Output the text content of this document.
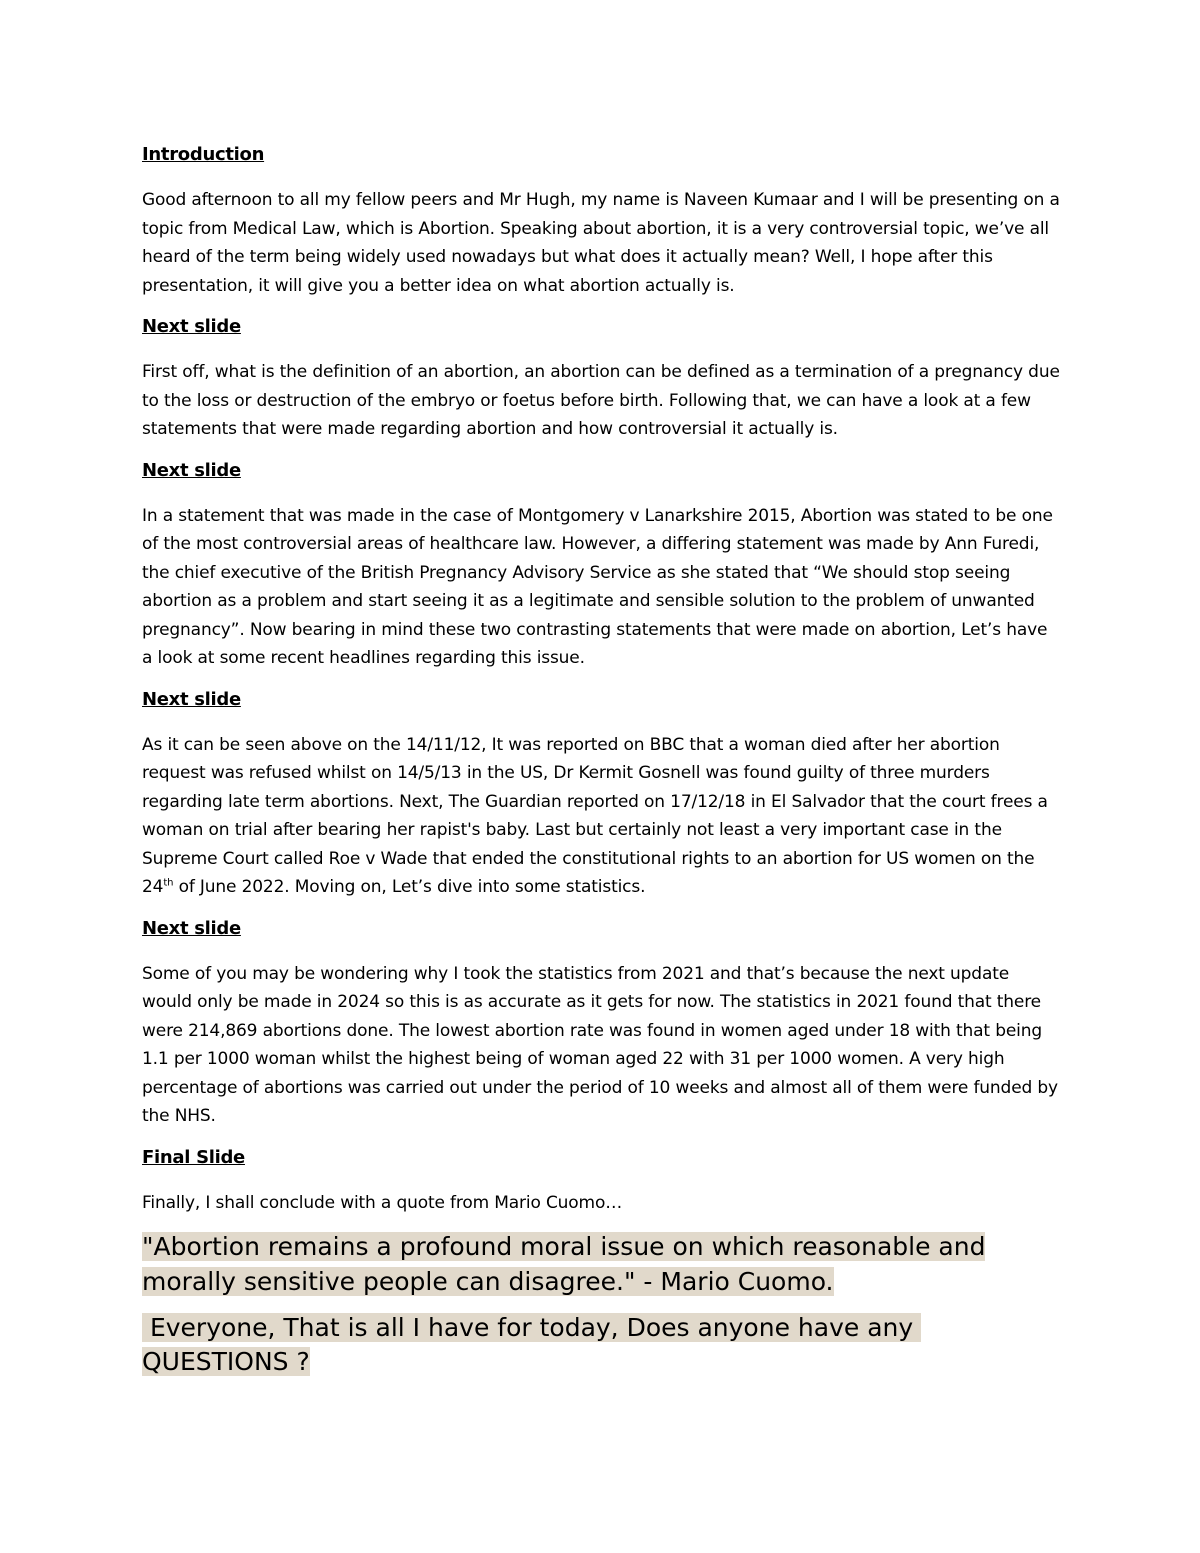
Introduction

Good afternoon to all my fellow peers and Mr Hugh, my name is Naveen Kumaar and I will be presenting on a topic from Medical Law, which is Abortion. Speaking about abortion, it is a very controversial topic, we’ve all heard of the term being widely used nowadays but what does it actually mean? Well, I hope after this presentation, it will give you a better idea on what abortion actually is.

Next slide

First off, what is the definition of an abortion, an abortion can be defined as a termination of a pregnancy due to the loss or destruction of the embryo or foetus before birth. Following that, we can have a look at a few statements that were made regarding abortion and how controversial it actually is.

Next slide

In a statement that was made in the case of Montgomery v Lanarkshire 2015, Abortion was stated to be one of the most controversial areas of healthcare law. However, a differing statement was made by Ann Furedi, the chief executive of the British Pregnancy Advisory Service as she stated that “We should stop seeing abortion as a problem and start seeing it as a legitimate and sensible solution to the problem of unwanted pregnancy”. Now bearing in mind these two contrasting statements that were made on abortion, Let’s have a look at some recent headlines regarding this issue.

Next slide

As it can be seen above on the 14/11/12, It was reported on BBC that a woman died after her abortion request was refused whilst on 14/5/13 in the US, Dr Kermit Gosnell was found guilty of three murders regarding late term abortions. Next, The Guardian reported on 17/12/18 in El Salvador that the court frees a woman on trial after bearing her rapist's baby. Last but certainly not least a very important case in the Supreme Court called Roe v Wade that ended the constitutional rights to an abortion for US women on the 24th of June 2022. Moving on, Let’s dive into some statistics.

Next slide

Some of you may be wondering why I took the statistics from 2021 and that’s because the next update would only be made in 2024 so this is as accurate as it gets for now. The statistics in 2021 found that there were 214,869 abortions done. The lowest abortion rate was found in women aged under 18 with that being 1.1 per 1000 woman whilst the highest being of woman aged 22 with 31 per 1000 women. A very high percentage of abortions was carried out under the period of 10 weeks and almost all of them were funded by the NHS.

Final Slide

Finally, I shall conclude with a quote from Mario Cuomo…

"Abortion remains a profound moral issue on which reasonable and morally sensitive people can disagree." - Mario Cuomo.
Everyone, That is all I have for today, Does anyone have any QUESTIONS ?
